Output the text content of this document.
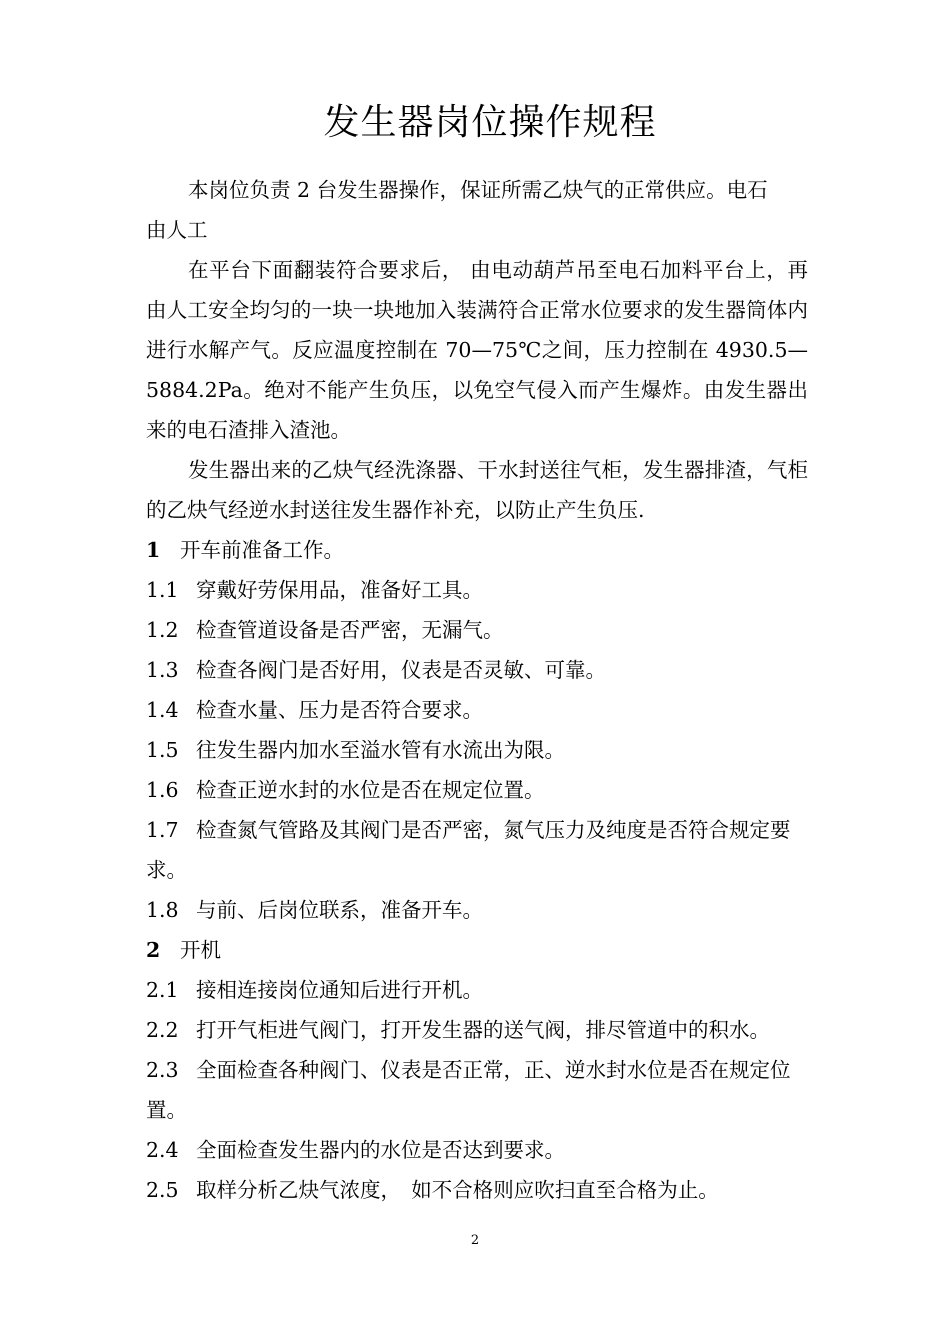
发生器岗位操作规程

本岗位负责 2 台发生器操作，保证所需乙炔气的正常供应。电石

由人工

在平台下面翻装符合要求后， 由电动葫芦吊至电石加料平台上，再由人工安全均匀的一块一块地加入装满符合正常水位要求的发生器筒体内进行水解产气。反应温度控制在 70—75℃之间，压力控制在 4930.5—5884.2Pa。绝对不能产生负压，以免空气侵入而产生爆炸。由发生器出来的电石渣排入渣池。

发生器出来的乙炔气经洗涤器、干水封送往气柜，发生器排渣，气柜的乙炔气经逆水封送往发生器作补充，以防止产生负压.

1 开车前准备工作。
1.1 穿戴好劳保用品，准备好工具。
1.2 检查管道设备是否严密，无漏气。
1.3 检查各阀门是否好用，仪表是否灵敏、可靠。
1.4 检查水量、压力是否符合要求。
1.5 往发生器内加水至溢水管有水流出为限。
1.6 检查正逆水封的水位是否在规定位置。
1.7 检查氮气管路及其阀门是否严密，氮气压力及纯度是否符合规定要求。
1.8 与前、后岗位联系，准备开车。
2 开机
2.1 接相连接岗位通知后进行开机。
2.2 打开气柜进气阀门，打开发生器的送气阀，排尽管道中的积水。
2.3 全面检查各种阀门、仪表是否正常，正、逆水封水位是否在规定位置。
2.4 全面检查发生器内的水位是否达到要求。
2.5 取样分析乙炔气浓度，　如不合格则应吹扫直至合格为止。
2
